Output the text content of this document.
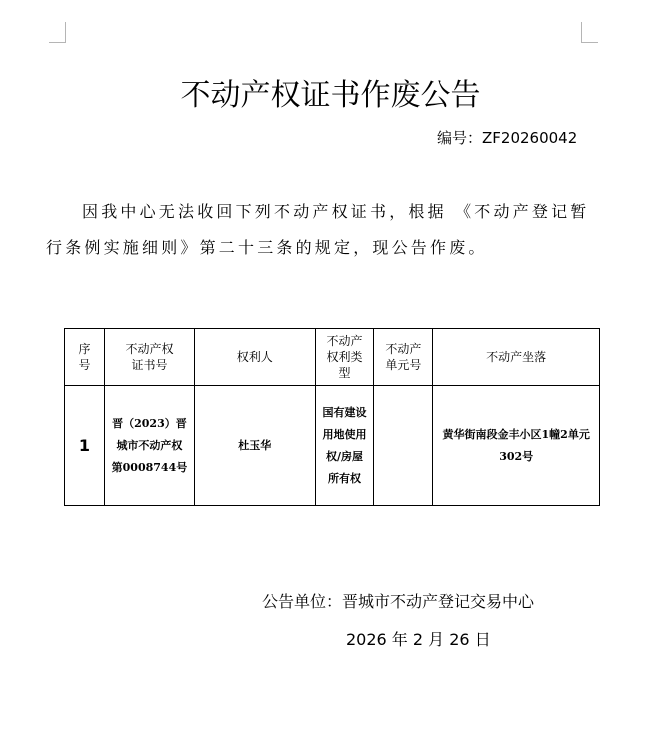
不动产权证书作废公告
编号：ZF20260042
因我中心无法收回下列不动产权证书，根据 《不动产登记暂行条例实施细则》第二十三条的规定，现公告作废。
序号	不动产权证书号	权利人	不动产权利类型	不动产单元号	不动产坐落
1	晋（2023）晋城市不动产权第0008744号	杜玉华	国有建设用地使用权/房屋所有权		黄华街南段金丰小区1幢2单元302号
公告单位：晋城市不动产登记交易中心
2026 年 2 月 26 日
